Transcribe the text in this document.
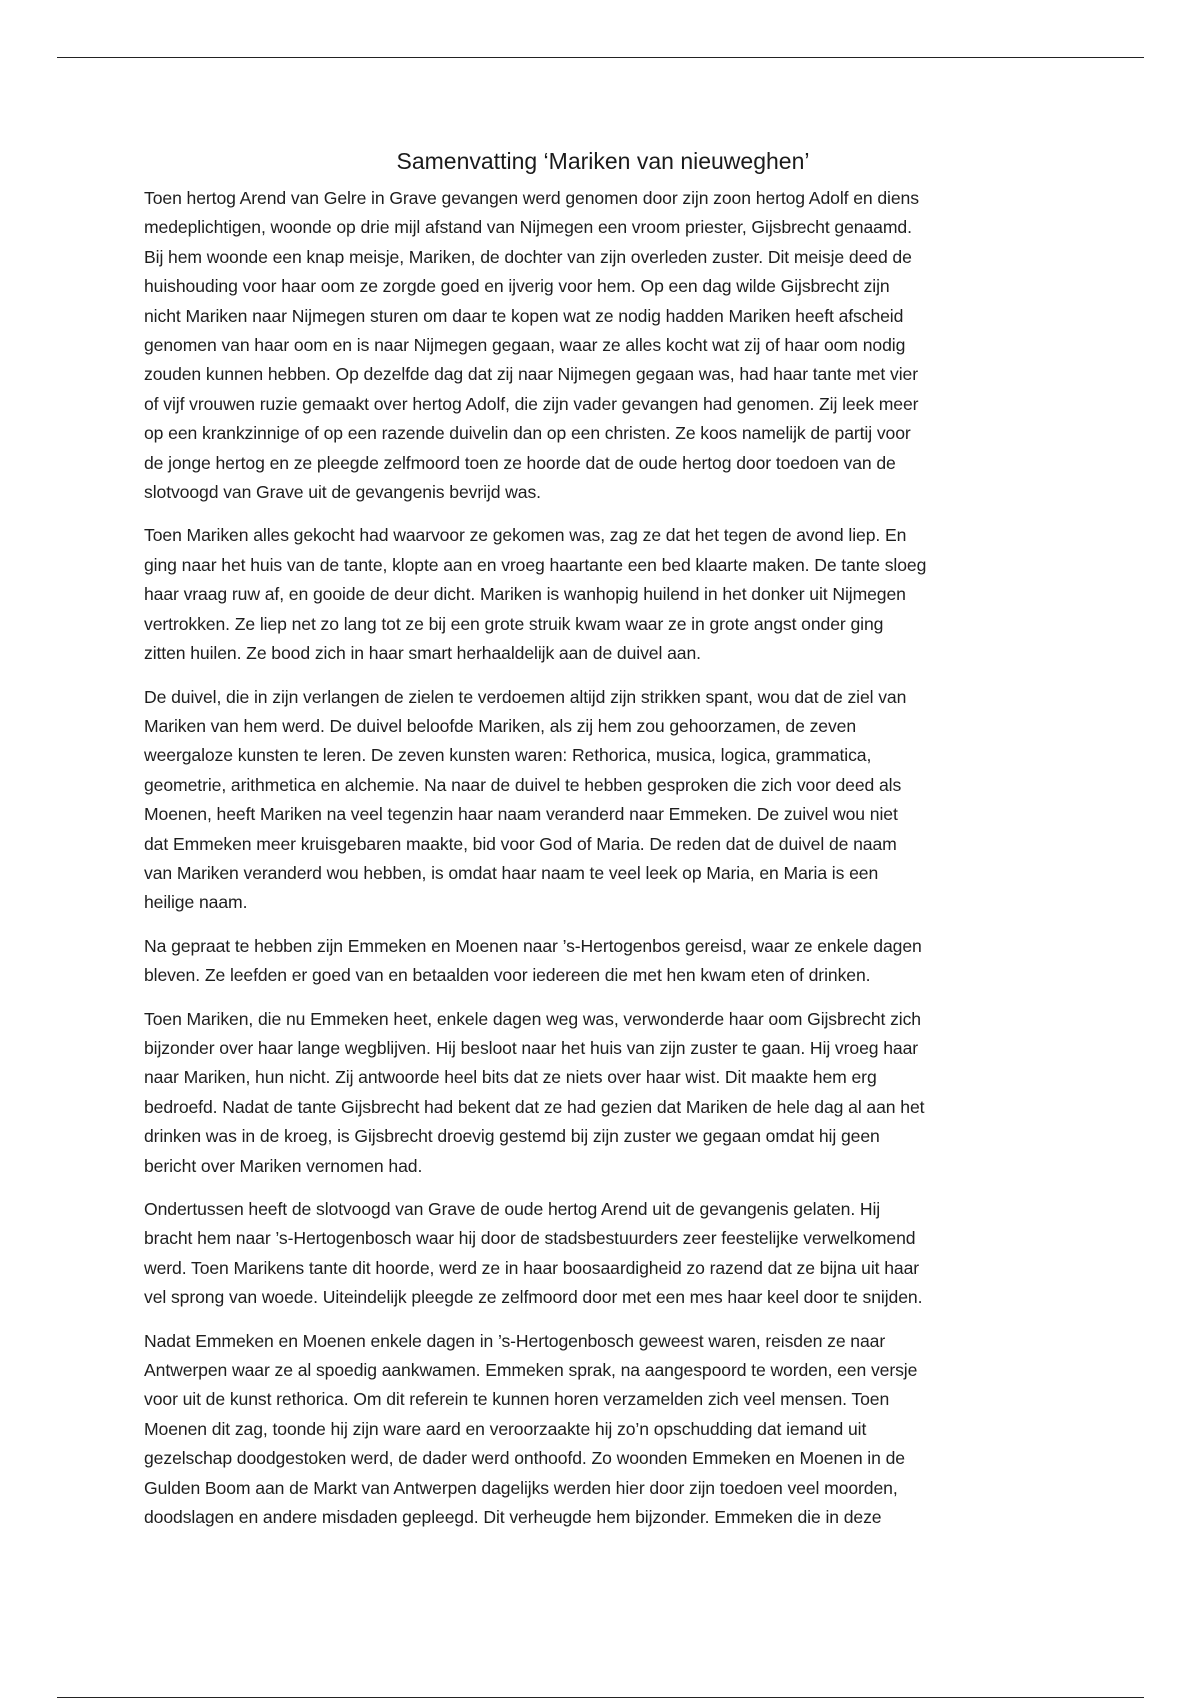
Samenvatting ‘Mariken van nieuweghen’
Toen hertog Arend van Gelre in Grave gevangen werd genomen door zijn zoon hertog Adolf en diens
medeplichtigen, woonde op drie mijl afstand van Nijmegen een vroom priester, Gijsbrecht genaamd.
Bij hem woonde een knap meisje, Mariken, de dochter van zijn overleden zuster. Dit meisje deed de
huishouding voor haar oom ze zorgde goed en ijverig voor hem. Op een dag wilde Gijsbrecht zijn
nicht Mariken naar Nijmegen sturen om daar te kopen wat ze nodig hadden Mariken heeft afscheid
genomen van haar oom en is naar Nijmegen gegaan, waar ze alles kocht wat zij of haar oom nodig
zouden kunnen hebben. Op dezelfde dag dat zij naar Nijmegen gegaan was, had haar tante met vier
of vijf vrouwen ruzie gemaakt over hertog Adolf, die zijn vader gevangen had genomen. Zij leek meer
op een krankzinnige of op een razende duivelin dan op een christen. Ze koos namelijk de partij voor
de jonge hertog en ze pleegde zelfmoord toen ze hoorde dat de oude hertog door toedoen van de
slotvoogd van Grave uit de gevangenis bevrijd was.
Toen Mariken alles gekocht had waarvoor ze gekomen was, zag ze dat het tegen de avond liep. En
ging naar het huis van de tante, klopte aan en vroeg haartante een bed klaarte maken. De tante sloeg
haar vraag ruw af, en gooide de deur dicht. Mariken is wanhopig huilend in het donker uit Nijmegen
vertrokken. Ze liep net zo lang tot ze bij een grote struik kwam waar ze in grote angst onder ging
zitten huilen. Ze bood zich in haar smart herhaaldelijk aan de duivel aan.
De duivel, die in zijn verlangen de zielen te verdoemen altijd zijn strikken spant, wou dat de ziel van
Mariken van hem werd. De duivel beloofde Mariken, als zij hem zou gehoorzamen, de zeven
weergaloze kunsten te leren. De zeven kunsten waren: Rethorica, musica, logica, grammatica,
geometrie, arithmetica en alchemie. Na naar de duivel te hebben gesproken die zich voor deed als
Moenen, heeft Mariken na veel tegenzin haar naam veranderd naar Emmeken. De zuivel wou niet
dat Emmeken meer kruisgebaren maakte, bid voor God of Maria. De reden dat de duivel de naam
van Mariken veranderd wou hebben, is omdat haar naam te veel leek op Maria, en Maria is een
heilige naam.
Na gepraat te hebben zijn Emmeken en Moenen naar ’s-Hertogenbos gereisd, waar ze enkele dagen
bleven. Ze leefden er goed van en betaalden voor iedereen die met hen kwam eten of drinken.
Toen Mariken, die nu Emmeken heet, enkele dagen weg was, verwonderde haar oom Gijsbrecht zich
bijzonder over haar lange wegblijven. Hij besloot naar het huis van zijn zuster te gaan. Hij vroeg haar
naar Mariken, hun nicht. Zij antwoorde heel bits dat ze niets over haar wist. Dit maakte hem erg
bedroefd. Nadat de tante Gijsbrecht had bekent dat ze had gezien dat Mariken de hele dag al aan het
drinken was in de kroeg, is Gijsbrecht droevig gestemd bij zijn zuster we gegaan omdat hij geen
bericht over Mariken vernomen had.
Ondertussen heeft de slotvoogd van Grave de oude hertog Arend uit de gevangenis gelaten. Hij
bracht hem naar ’s-Hertogenbosch waar hij door de stadsbestuurders zeer feestelijke verwelkomend
werd. Toen Marikens tante dit hoorde, werd ze in haar boosaardigheid zo razend dat ze bijna uit haar
vel sprong van woede. Uiteindelijk pleegde ze zelfmoord door met een mes haar keel door te snijden.
Nadat Emmeken en Moenen enkele dagen in ’s-Hertogenbosch geweest waren, reisden ze naar
Antwerpen waar ze al spoedig aankwamen. Emmeken sprak, na aangespoord te worden, een versje
voor uit de kunst rethorica. Om dit referein te kunnen horen verzamelden zich veel mensen. Toen
Moenen dit zag, toonde hij zijn ware aard en veroorzaakte hij zo’n opschudding dat iemand uit
gezelschap doodgestoken werd, de dader werd onthoofd. Zo woonden Emmeken en Moenen in de
Gulden Boom aan de Markt van Antwerpen dagelijks werden hier door zijn toedoen veel moorden,
doodslagen en andere misdaden gepleegd. Dit verheugde hem bijzonder. Emmeken die in deze
